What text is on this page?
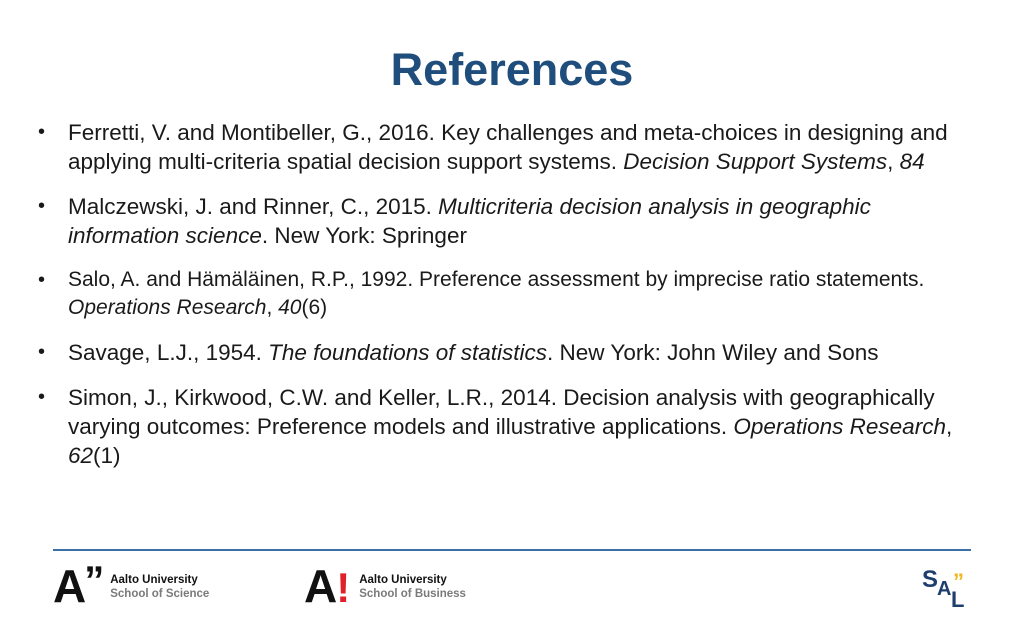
References
• Ferretti, V. and Montibeller, G., 2016. Key challenges and meta-choices in designing and applying multi-criteria spatial decision support systems. Decision Support Systems, 84
• Malczewski, J. and Rinner, C., 2015. Multicriteria decision analysis in geographic information science. New York: Springer
• Salo, A. and Hämäläinen, R.P., 1992. Preference assessment by imprecise ratio statements. Operations Research, 40(6)
• Savage, L.J., 1954. The foundations of statistics. New York: John Wiley and Sons
• Simon, J., Kirkwood, C.W. and Keller, L.R., 2014. Decision analysis with geographically varying outcomes: Preference models and illustrative applications. Operations Research, 62(1)
A” Aalto University
School of Science A! Aalto University
School of Business
S
A ”
L
